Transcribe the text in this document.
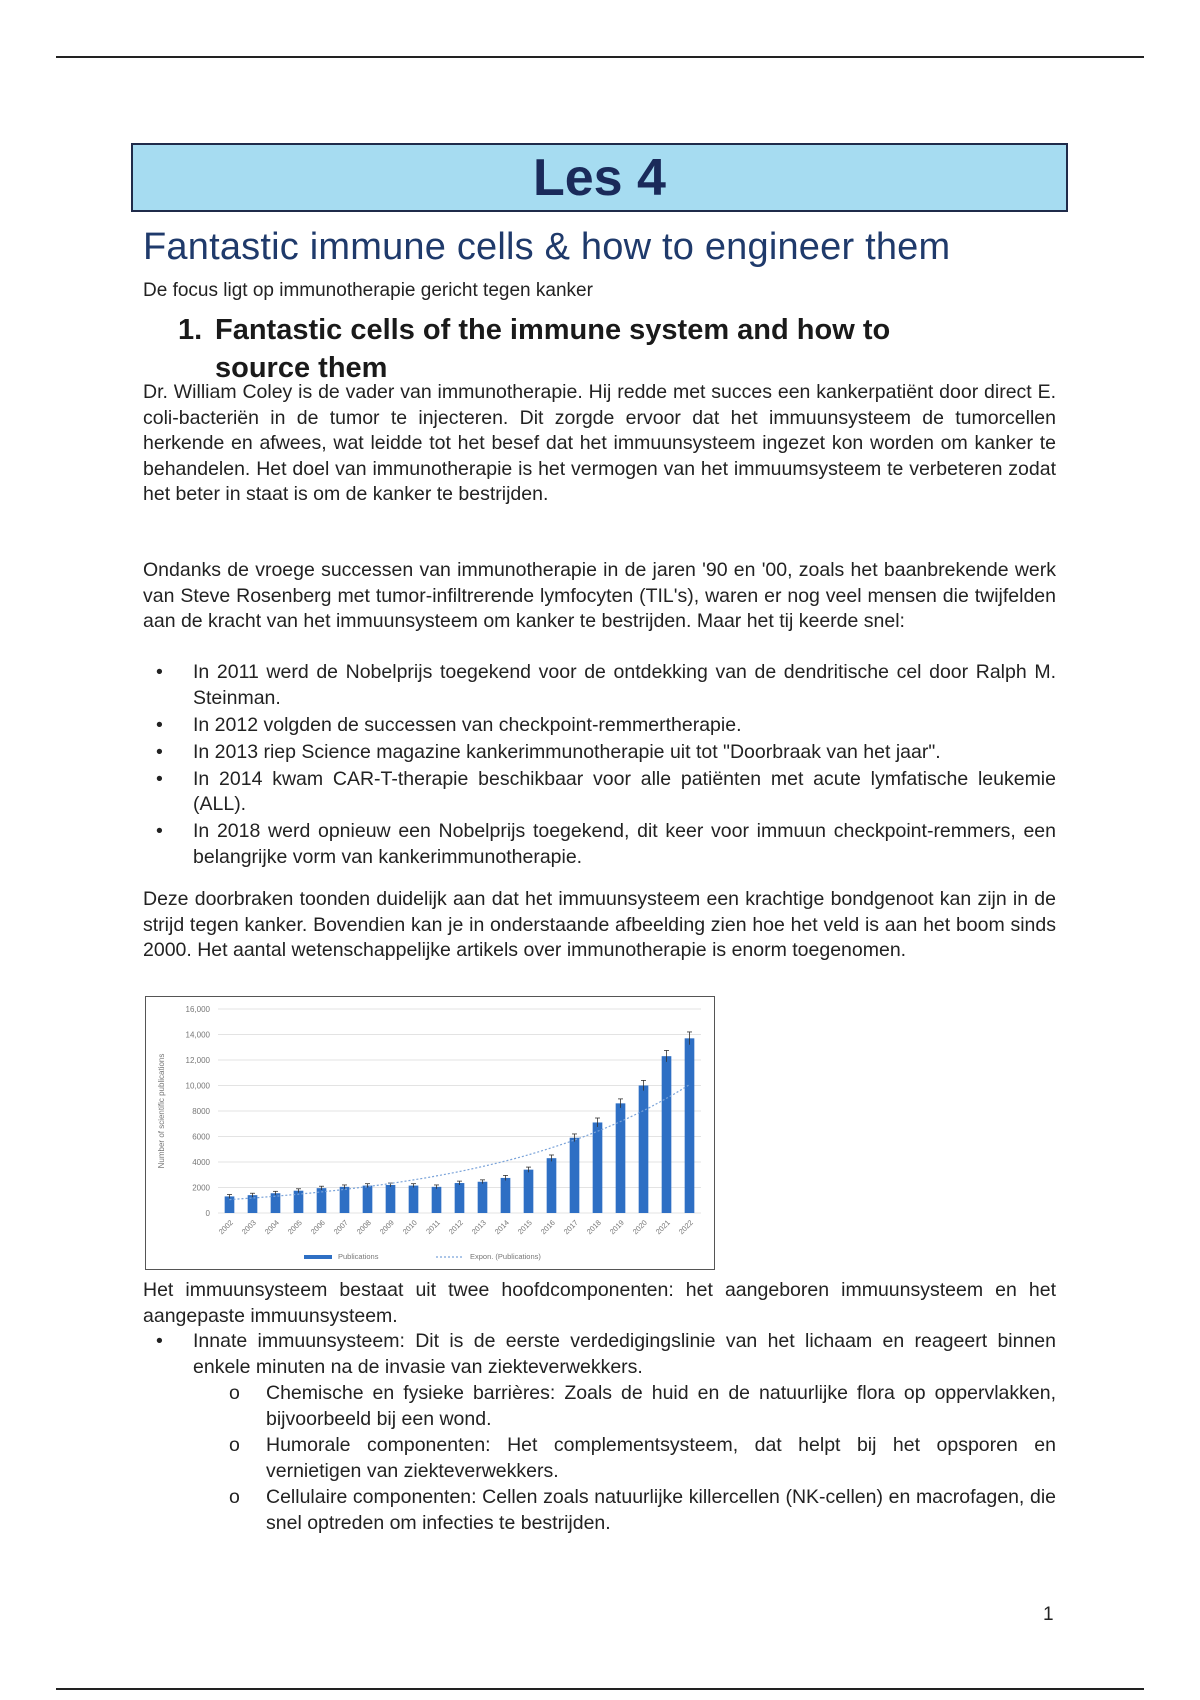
Les 4
Fantastic immune cells & how to engineer them
De focus ligt op immunotherapie gericht tegen kanker
1. Fantastic cells of the immune system and how to source them

Dr. William Coley is de vader van immunotherapie. Hij redde met succes een kankerpatiënt door direct E. coli-bacteriën in de tumor te injecteren. Dit zorgde ervoor dat het immuunsysteem de tumorcellen herkende en afwees, wat leidde tot het besef dat het immuunsysteem ingezet kon worden om kanker te behandelen. Het doel van immunotherapie is het vermogen van het immuumsysteem te verbeteren zodat het beter in staat is om de kanker te bestrijden.

Ondanks de vroege successen van immunotherapie in de jaren '90 en '00, zoals het baanbrekende werk van Steve Rosenberg met tumor-infiltrerende lymfocyten (TIL's), waren er nog veel mensen die twijfelden aan de kracht van het immuunsysteem om kanker te bestrijden. Maar het tij keerde snel:

• In 2011 werd de Nobelprijs toegekend voor de ontdekking van de dendritische cel door Ralph M. Steinman.
• In 2012 volgden de successen van checkpoint-remmertherapie.
• In 2013 riep Science magazine kankerimmunotherapie uit tot "Doorbraak van het jaar".
• In 2014 kwam CAR-T-therapie beschikbaar voor alle patiënten met acute lymfatische leukemie (ALL).
• In 2018 werd opnieuw een Nobelprijs toegekend, dit keer voor immuun checkpoint-remmers, een belangrijke vorm van kankerimmunotherapie.

Deze doorbraken toonden duidelijk aan dat het immuunsysteem een krachtige bondgenoot kan zijn in de strijd tegen kanker. Bovendien kan je in onderstaande afbeelding zien hoe het veld is aan het boom sinds 2000. Het aantal wetenschappelijke artikels over immunotherapie is enorm toegenomen.

0
2000
4000
6000
8000
10,000
12,000
14,000
16,000
Number of scientific publications
2002 2003 2004 2005 2006 2007 2008 2009 2010 2011 2012 2013 2014 2015 2016 2017 2018 2019 2020 2021 2022
Publications	Expon. (Publications)

Het immuunsysteem bestaat uit twee hoofdcomponenten: het aangeboren immuunsysteem en het aangepaste immuunsysteem.

• Innate immuunsysteem: Dit is de eerste verdedigingslinie van het lichaam en reageert binnen enkele minuten na de invasie van ziekteverwekkers.
o Chemische en fysieke barrières: Zoals de huid en de natuurlijke flora op oppervlakken, bijvoorbeeld bij een wond.
o Humorale componenten: Het complementsysteem, dat helpt bij het opsporen en vernietigen van ziekteverwekkers.
o Cellulaire componenten: Cellen zoals natuurlijke killercellen (NK-cellen) en macrofagen, die snel optreden om infecties te bestrijden.
1
